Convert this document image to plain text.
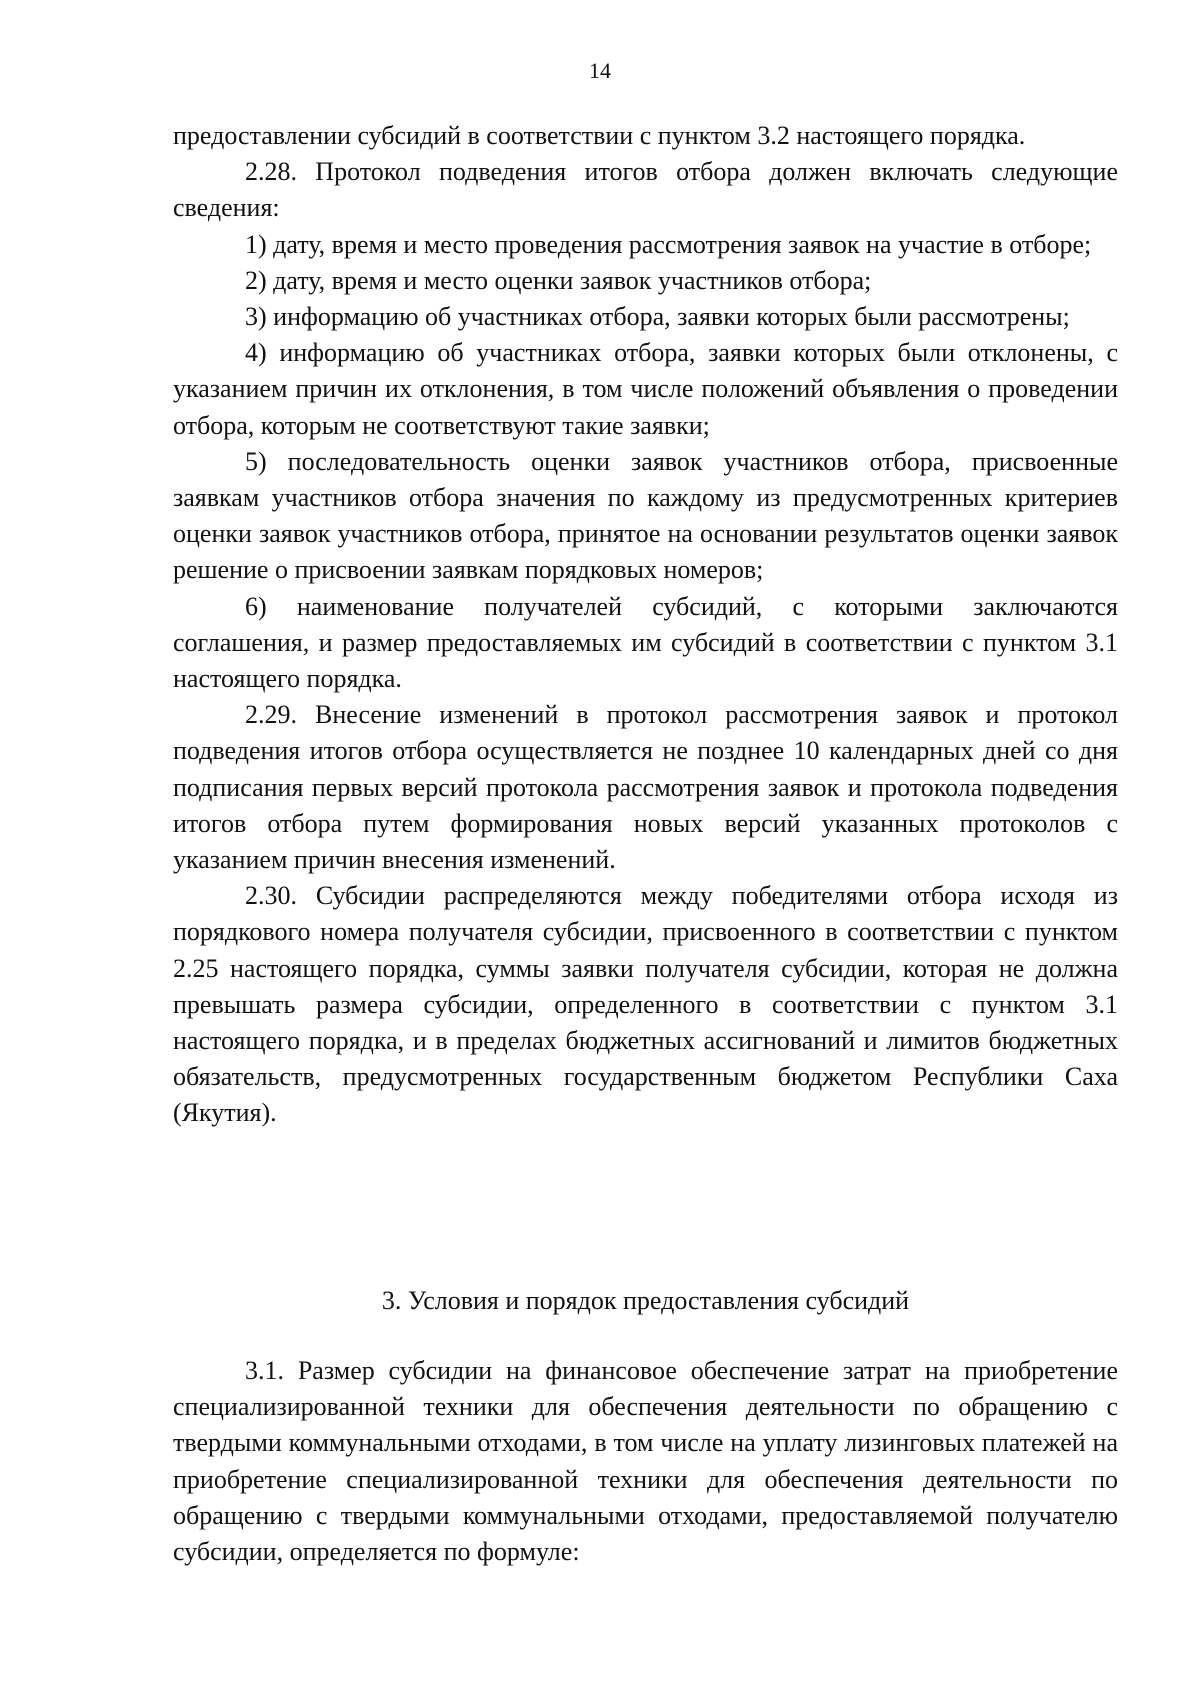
14

предоставлении субсидий в соответствии с пунктом 3.2 настоящего порядка.

2.28. Протокол подведения итогов отбора должен включать следующие сведения:

1) дату, время и место проведения рассмотрения заявок на участие в отборе;

2) дату, время и место оценки заявок участников отбора;

3) информацию об участниках отбора, заявки которых были рассмотрены;

4) информацию об участниках отбора, заявки которых были отклонены, с указанием причин их отклонения, в том числе положений объявления о проведении отбора, которым не соответствуют такие заявки;

5) последовательность оценки заявок участников отбора, присвоенные заявкам участников отбора значения по каждому из предусмотренных критериев оценки заявок участников отбора, принятое на основании результатов оценки заявок решение о присвоении заявкам порядковых номеров;

6) наименование получателей субсидий, с которыми заключаются соглашения, и размер предоставляемых им субсидий в соответствии с пунктом 3.1 настоящего порядка.

2.29. Внесение изменений в протокол рассмотрения заявок и протокол подведения итогов отбора осуществляется не позднее 10 календарных дней со дня подписания первых версий протокола рассмотрения заявок и протокола подведения итогов отбора путем формирования новых версий указанных протоколов с указанием причин внесения изменений.

2.30. Субсидии распределяются между победителями отбора исходя из порядкового номера получателя субсидии, присвоенного в соответствии с пунктом 2.25 настоящего порядка, суммы заявки получателя субсидии, которая не должна превышать размера субсидии, определенного в соответствии с пунктом 3.1 настоящего порядка, и в пределах бюджетных ассигнований и лимитов бюджетных обязательств, предусмотренных государственным бюджетом Республики Саха (Якутия).

3. Условия и порядок предоставления субсидий

3.1. Размер субсидии на финансовое обеспечение затрат на приобретение специализированной техники для обеспечения деятельности по обращению с твердыми коммунальными отходами, в том числе на уплату лизинговых платежей на приобретение специализированной техники для обеспечения деятельности по обращению с твердыми коммунальными отходами, предоставляемой получателю субсидии, определяется по формуле:
